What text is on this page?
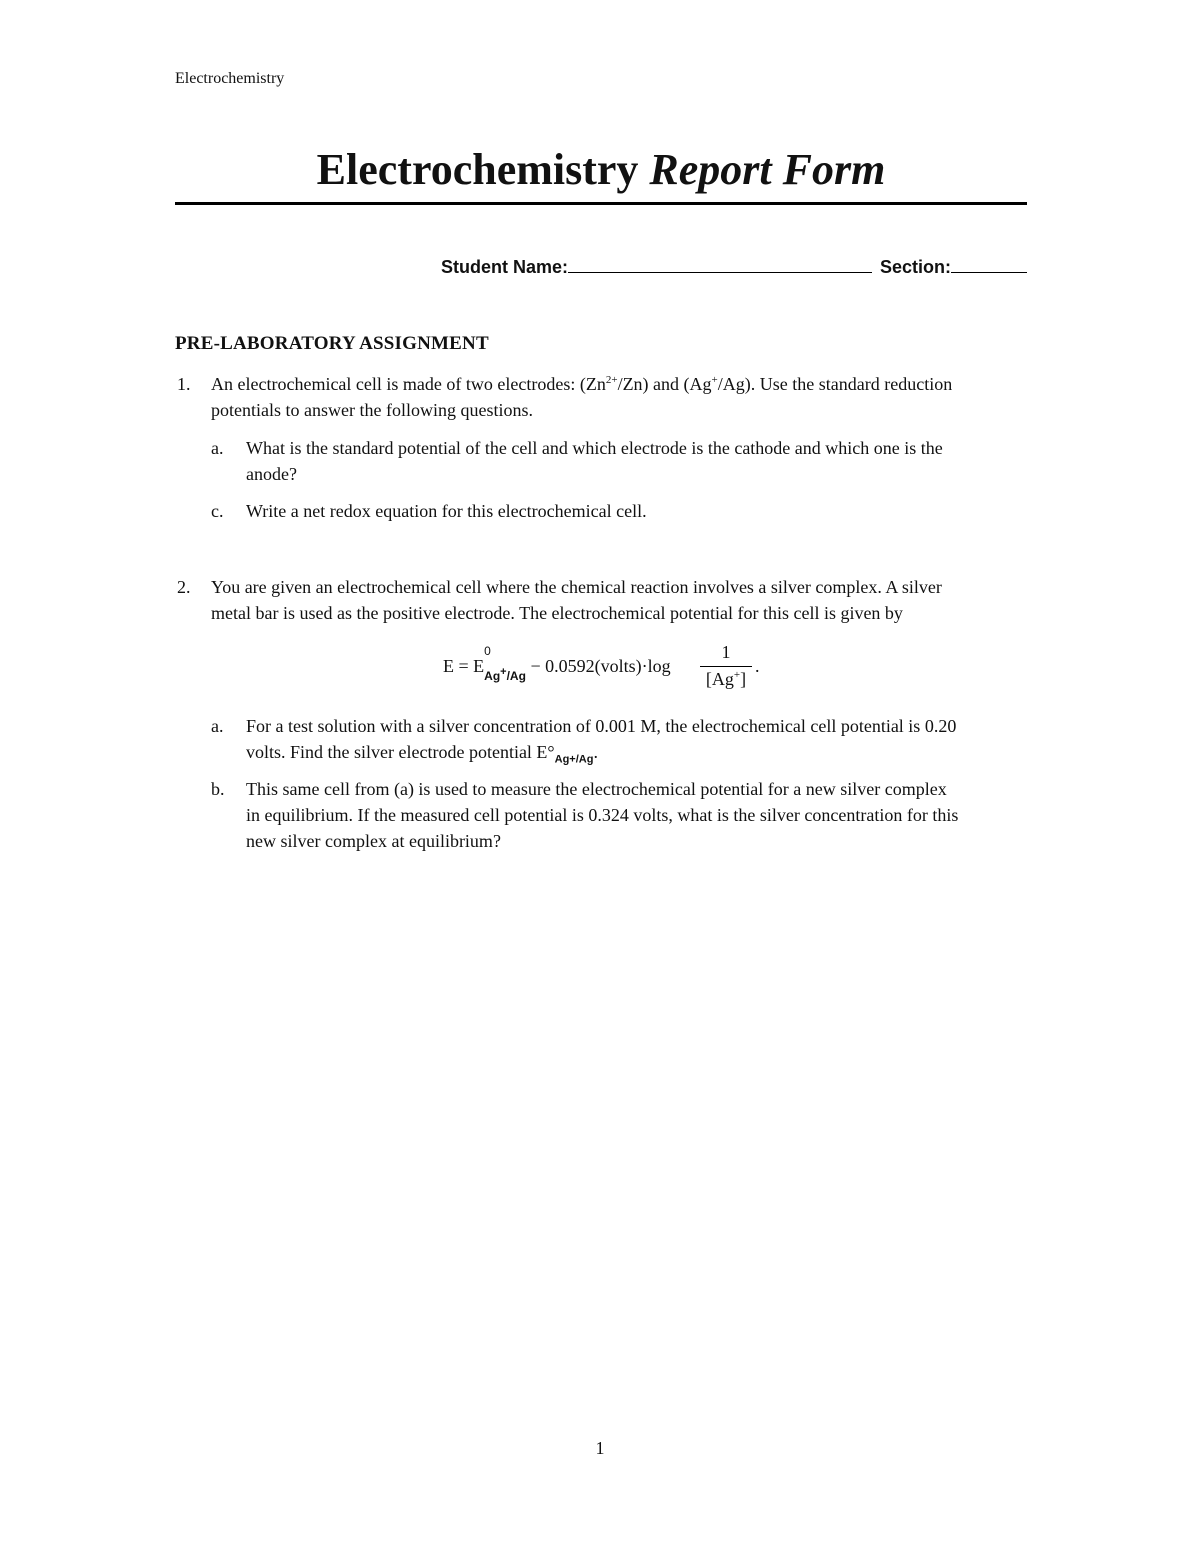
Electrochemistry
Electrochemistry Report Form
Student Name:	Section:
PRE-LABORATORY ASSIGNMENT
1. An electrochemical cell is made of two electrodes: $(Zn^{2+}/Zn)$ and (Ag+/Ag). Use the standard reduction
potentials to answer the following questions.
a. What is the standard potential of the cell and which electrode is the cathode and which one is the
anode?
c. Write a net redox equation for this electrochemical cell.
2. You are given an electrochemical cell where the chemical reaction involves a silver complex. A silver
metal bar is used as the positive electrode. The electrochemical potential for this cell is given by
E = E
0
$_{Ag^+/Ag}$ − 0.0592(volts)·log
1
[Ag+]
.
a. For a test solution with a silver concentration of 0.001 M, the electrochemical cell potential is 0.20
volts. Find the silver electrode potential $E^\circ_{Ag+/Ag}$.
b. This same cell from (a) is used to measure the electrochemical potential for a new silver complex
in equilibrium. If the measured cell potential is 0.324 volts, what is the silver concentration for this
new silver complex at equilibrium?
1
